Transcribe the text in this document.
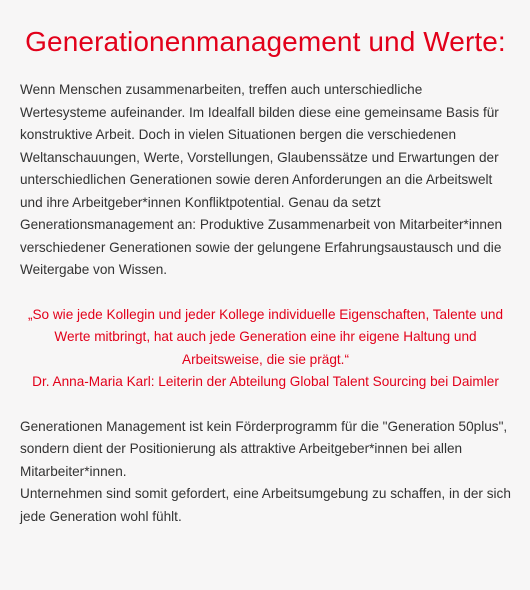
Generationenmanagement und Werte:

Wenn Menschen zusammenarbeiten, treffen auch unterschiedliche Wertesysteme aufeinander. Im Idealfall bilden diese eine gemeinsame Basis für konstruktive Arbeit. Doch in vielen Situationen bergen die verschiedenen Weltanschauungen, Werte, Vorstellungen, Glaubenssätze und Erwartungen der unterschiedlichen Generationen sowie deren Anforderungen an die Arbeitswelt und ihre Arbeitgeber*innen Konfliktpotential. Genau da setzt Generationsmanagement an: Produktive Zusammenarbeit von Mitarbeiter*innen verschiedener Generationen sowie der gelungene Erfahrungsaustausch und die Weitergabe von Wissen.

„So wie jede Kollegin und jeder Kollege individuelle Eigenschaften, Talente und Werte mitbringt, hat auch jede Generation eine ihr eigene Haltung und Arbeitsweise, die sie prägt.“
Dr. Anna-Maria Karl: Leiterin der Abteilung Global Talent Sourcing bei Daimler

Generationen Management ist kein Förderprogramm für die "Generation 50plus", sondern dient der Positionierung als attraktive Arbeitgeber*innen bei allen Mitarbeiter*innen.
Unternehmen sind somit gefordert, eine Arbeitsumgebung zu schaffen, in der sich jede Generation wohl fühlt.
